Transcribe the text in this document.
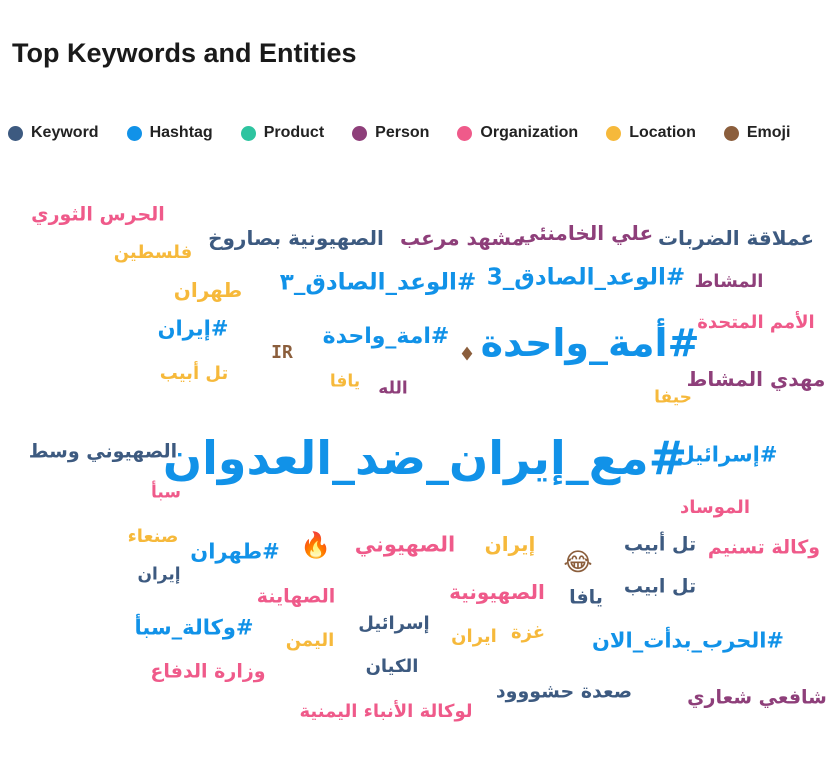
Top Keywords and Entities
Keyword	Hashtag	Product	Person	Organization	Location	Emoji
#مع_إيران_ضد_العدوان
#أمة_واحدة
#الوعد_الصادق_3
#الوعد_الصادق_٣
#امة_واحدة
#إيران
#إسرائيل
#طهران
#وكالة_سبأ
#الحرب_بدأت_الان
عملاقة الضربات
الصهيونية بصاروخ
الصهيوني وسط
تل أبيب
تل ابيب
إيران
يافا
إسرائيل
الكيان
صعدة حشووود
علي الخامنئي
مشهد مرعب
المشاط
مهدي المشاط
الله
شافعي شعاري
الحرس الثوري
الأمم المتحدة
سبأ
الموساد
وكالة تسنيم
الصهيوني
الصهيونية
الصهاينة
وزارة الدفاع
لوكالة الأنباء اليمنية
فلسطين
طهران
تل أبيب	يافا
حيفا
صنعاء	إيران
غزة
ايران
اليمن
IR	♦
🔥
😂
